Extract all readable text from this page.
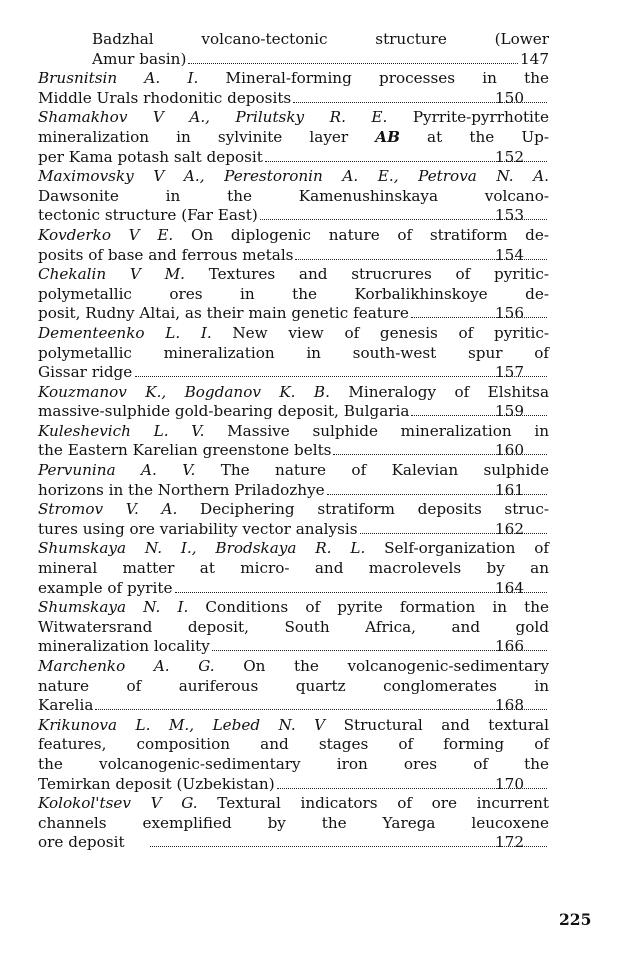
Badzhal volcano-tectonic structure (Lower
Amur basin)	147

Brusnitsin A. I. Mineral-forming processes in the
Middle Urals rhodonitic deposits	150

Shamakhov V A., Prilutsky R. E. Pyrrite-pyrrhotite
mineralization in sylvinite layer AB at the Up-
per Kama potash salt deposit	152

Maximovsky V A., Perestoronin A. E., Petrova N. A.
Dawsonite in the Kamenushinskaya volcano-
tectonic structure (Far East)	153

Kovderko V E. On diplogenic nature of stratiform de-
posits of base and ferrous metals	154

Chekalin V M. Textures and strucrures of pyritic-
polymetallic ores in the Korbalikhinskoye de-
posit, Rudny Altai, as their main genetic feature	156

Dementeenko L. I. New view of genesis of pyritic-
polymetallic mineralization in south-west spur of
Gissar ridge	157

Kouzmanov K., Bogdanov K. B. Mineralogy of Elshitsa
massive-sulphide gold-bearing deposit, Bulgaria	159

Kuleshevich L. V. Massive sulphide mineralization in
the Eastern Karelian greenstone belts	160

Pervunina A. V. The nature of Kalevian sulphide
horizons in the Northern Priladozhye	161

Stromov V. A. Deciphering stratiform deposits struc-
tures using ore variability vector analysis	162

Shumskaya N. I., Brodskaya R. L. Self-organization of
mineral matter at micro- and macrolevels by an
example of pyrite	164

Shumskaya N. I. Conditions of pyrite formation in the
Witwatersrand deposit, South Africa, and gold
mineralization locality	166

Marchenko A. G. On the volcanogenic-sedimentary
nature of auriferous quartz conglomerates in
Karelia	168

Krikunova L. M., Lebed N. V Structural and textural
features, composition and stages of forming of
the volcanogenic-sedimentary iron ores of the
Temirkan deposit (Uzbekistan)	170

Kolokol'tsev V G. Textural indicators of ore incurrent
channels exemplified by the Yarega leucoxene
ore deposit	172

225
